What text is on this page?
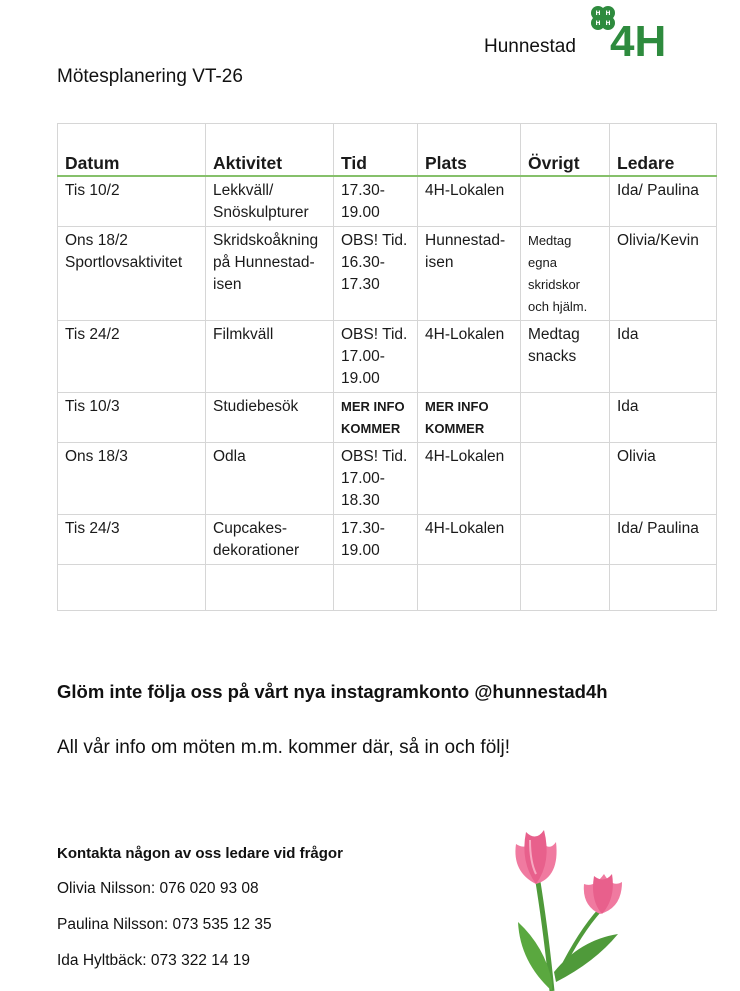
Hunnestad
H H
H H 4H
Mötesplanering VT-26
Datum	Aktivitet	Tid	Plats	Övrigt	Ledare
Tis 10/2	Lekkväll/ Snöskulpturer	17.30-19.00	4H-Lokalen		Ida/ Paulina
Ons 18/2 Sportlovsaktivitet	Skridskoåkning på Hunnestad-isen	OBS! Tid. 16.30-17.30	Hunnestad-isen	Medtag egna skridskor och hjälm.	Olivia/Kevin
Tis 24/2	Filmkväll	OBS! Tid. 17.00-19.00	4H-Lokalen	Medtag snacks	Ida
Tis 10/3	Studiebesök	MER INFO KOMMER	MER INFO KOMMER		Ida
Ons 18/3	Odla	OBS! Tid. 17.00-18.30	4H-Lokalen		Olivia
Tis 24/3	Cupcakes-dekorationer	17.30-19.00	4H-Lokalen		Ida/ Paulina

Glöm inte följa oss på vårt nya instagramkonto @hunnestad4h
All vår info om möten m.m. kommer där, så in och följ!
Kontakta någon av oss ledare vid frågor
Olivia Nilsson: 076 020 93 08
Paulina Nilsson: 073 535 12 35
Ida Hyltbäck: 073 322 14 19
